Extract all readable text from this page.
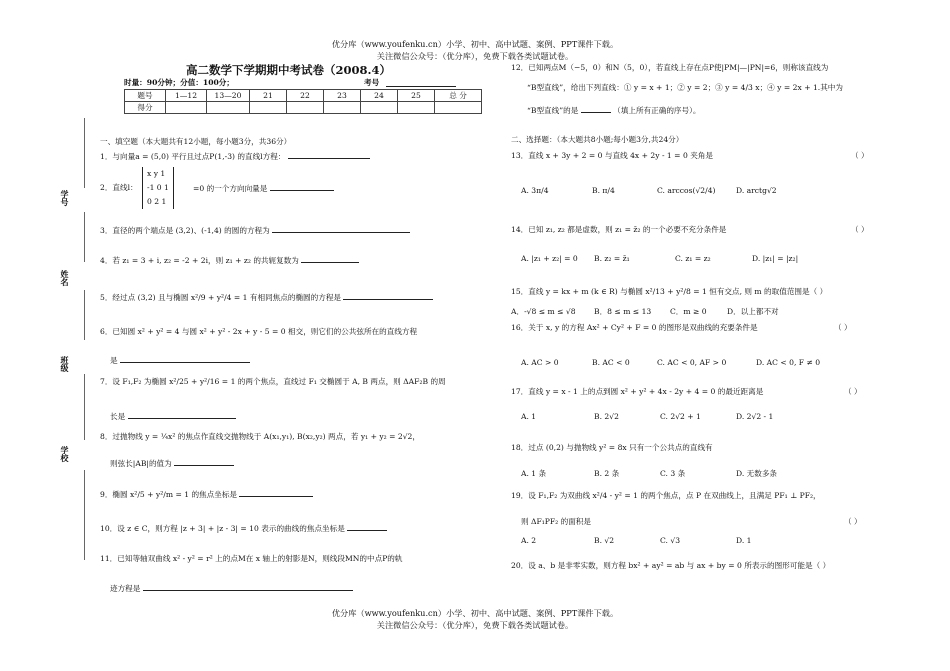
优分库（www.youfenku.cn）小学、初中、高中试题、案例、PPT课件下载。
关注微信公众号：（优分库），免费下载各类试题试卷。
高二数学下学期期中考试卷（2008.4）
时量：90分钟；分值：100分；	考号
题号	1—12	13—20	21	22	23	24	25	总 分
得分								
学号
姓名
班级
学校
一、填空题（本大题共有12小题，每小题3分，共36分）
1．与向量a = (5,0) 平行且过点P(1,-3) 的直线l方程：
2．直线l：
x y 1
-1 0 1
0 2 1
=0 的一个方向向量是
3．直径的两个端点是 (3,2)、(-1,4) 的圆的方程为
4．若 z₁ = 3 + i, z₂ = -2 + 2i，则 z₁ + z₂ 的共轭复数为
5．经过点 (3,2) 且与椭圆 x²/9 + y²/4 = 1 有相同焦点的椭圆的方程是
6．已知圆 x² + y² = 4 与圆 x² + y² - 2x + y - 5 = 0 相交，则它们的公共弦所在的直线方程
是
7．设 F₁,F₂ 为椭圆 x²/25 + y²/16 = 1 的两个焦点，直线过 F₁ 交椭圆于 A, B 两点，则 ΔAF₂B 的周
长是
8．过抛物线 y = ¼x² 的焦点作直线交抛物线于 A(x₁,y₁), B(x₂,y₂) 两点，若 y₁ + y₂ = 2√2，
则弦长|AB|的值为
9．椭圆 x²/5 + y²/m = 1 的焦点坐标是
10．设 z ∈ C，则方程 |z + 3| + |z - 3| = 10 表示的曲线的焦点坐标是
11．已知等轴双曲线 x² - y² = r² 上的点M在 x 轴上的射影是N，则线段MN的中点P的轨
迹方程是
12．已知两点M（−5，0）和N（5，0），若直线上存在点P使|PM|—|PN|=6，则称该直线为
“B型直线”，给出下列直线：① y = x + 1；② y = 2；③ y = 4/3 x；④ y = 2x + 1.其中为
“B型直线”的是	（填上所有正确的序号）。
二、选择题：（本大题共8小题;每小题3分,共24分）
13．直线 x + 3y + 2 = 0 与直线 4x + 2y - 1 = 0 夹角是	（ ）
A. 3π/4	B. π/4	C. arccos(√2/4)	D. arctg√2
14．已知 z₁, z₂ 都是虚数，则 z₁ = z̄₂ 的一个必要不充分条件是	（ ）
A. |z₁ + z₂| = 0 B. z₂ = z̄₁	C. z₁ = z₂	D. |z₁| = |z₂|
15．直线 y = kx + m (k ∈ R) 与椭圆 x²/13 + y²/8 = 1 恒有交点, 则 m 的取值范围是（ ）
A．-√8 ≤ m ≤ √8 B．8 ≤ m ≤ 13 C．m ≥ 0	D．以上都不对
16．关于 x, y 的方程 Ax² + Cy² + F = 0 的图形是双曲线的充要条件是	（ ）
A. AC > 0	B. AC < 0	C. AC < 0, AF > 0	D. AC < 0, F ≠ 0
17．直线 y = x - 1 上的点到圆 x² + y² + 4x - 2y + 4 = 0 的最近距离是	（ ）
A. 1	B. 2√2	C. 2√2 + 1	D. 2√2 - 1
18．过点 (0,2) 与抛物线 y² = 8x 只有一个公共点的直线有
A. 1 条	B. 2 条	C. 3 条	D. 无数多条
19．设 F₁,F₂ 为双曲线 x²/4 - y² = 1 的两个焦点，点 P 在双曲线上，且满足 PF₁ ⊥ PF₂，
则 ΔF₁PF₂ 的面积是	（ ）
A. 2	B. √2	C. √3	D. 1
20．设 a、b 是非零实数，则方程 bx² + ay² = ab 与 ax + by = 0 所表示的图形可能是（ ）
优分库（www.youfenku.cn）小学、初中、高中试题、案例、PPT课件下载。
关注微信公众号：（优分库），免费下载各类试题试卷。
